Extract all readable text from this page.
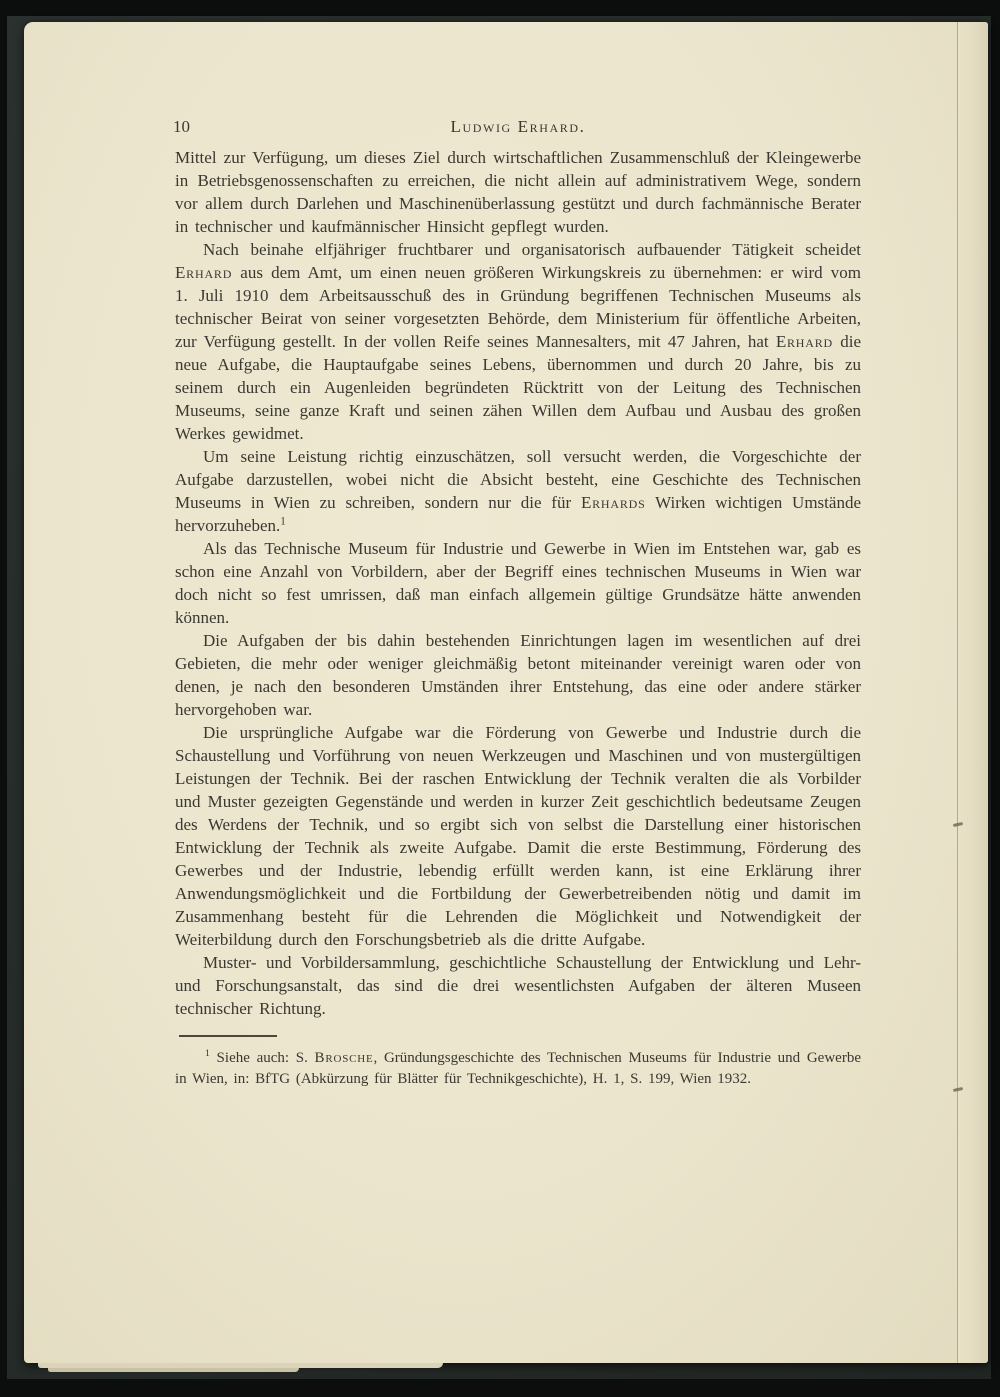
10	Ludwig Erhard.

Mittel zur Verfügung, um dieses Ziel durch wirtschaftlichen Zusammenschluß der Kleingewerbe in Betriebsgenossenschaften zu erreichen, die nicht allein auf administrativem Wege, sondern vor allem durch Darlehen und Maschinenüberlassung gestützt und durch fachmännische Berater in technischer und kaufmännischer Hinsicht gepflegt wurden.

Nach beinahe elfjähriger fruchtbarer und organisatorisch aufbauender Tätigkeit scheidet Erhard aus dem Amt, um einen neuen größeren Wirkungskreis zu übernehmen: er wird vom 1. Juli 1910 dem Arbeitsausschuß des in Gründung begriffenen Technischen Museums als technischer Beirat von seiner vorgesetzten Behörde, dem Ministerium für öffentliche Arbeiten, zur Verfügung gestellt. In der vollen Reife seines Mannesalters, mit 47 Jahren, hat Erhard die neue Aufgabe, die Hauptaufgabe seines Lebens, übernommen und durch 20 Jahre, bis zu seinem durch ein Augenleiden begründeten Rücktritt von der Leitung des Technischen Museums, seine ganze Kraft und seinen zähen Willen dem Aufbau und Ausbau des großen Werkes gewidmet.

Um seine Leistung richtig einzuschätzen, soll versucht werden, die Vorgeschichte der Aufgabe darzustellen, wobei nicht die Absicht besteht, eine Geschichte des Technischen Museums in Wien zu schreiben, sondern nur die für Erhards Wirken wichtigen Umstände hervorzuheben.$^1$

Als das Technische Museum für Industrie und Gewerbe in Wien im Entstehen war, gab es schon eine Anzahl von Vorbildern, aber der Begriff eines technischen Museums in Wien war doch nicht so fest umrissen, daß man einfach allgemein gültige Grundsätze hätte anwenden können.

Die Aufgaben der bis dahin bestehenden Einrichtungen lagen im wesentlichen auf drei Gebieten, die mehr oder weniger gleichmäßig betont miteinander vereinigt waren oder von denen, je nach den besonderen Umständen ihrer Entstehung, das eine oder andere stärker hervorgehoben war.

Die ursprüngliche Aufgabe war die Förderung von Gewerbe und Industrie durch die Schaustellung und Vorführung von neuen Werkzeugen und Maschinen und von mustergültigen Leistungen der Technik. Bei der raschen Entwicklung der Technik veralten die als Vorbilder und Muster gezeigten Gegenstände und werden in kurzer Zeit geschichtlich bedeutsame Zeugen des Werdens der Technik, und so ergibt sich von selbst die Darstellung einer historischen Entwicklung der Technik als zweite Aufgabe. Damit die erste Bestimmung, Förderung des Gewerbes und der Industrie, lebendig erfüllt werden kann, ist eine Erklärung ihrer Anwendungsmöglichkeit und die Fortbildung der Gewerbetreibenden nötig und damit im Zusammenhang besteht für die Lehrenden die Möglichkeit und Notwendigkeit der Weiterbildung durch den Forschungsbetrieb als die dritte Aufgabe.

Muster- und Vorbildersammlung, geschichtliche Schaustellung der Entwicklung und Lehr- und Forschungsanstalt, das sind die drei wesentlichsten Aufgaben der älteren Museen technischer Richtung.

$^1$ Siehe auch: S. Brosche, Gründungsgeschichte des Technischen Museums für Industrie und Gewerbe in Wien, in: BfTG (Abkürzung für Blätter für Technikgeschichte), H. 1, S. 199, Wien 1932.
